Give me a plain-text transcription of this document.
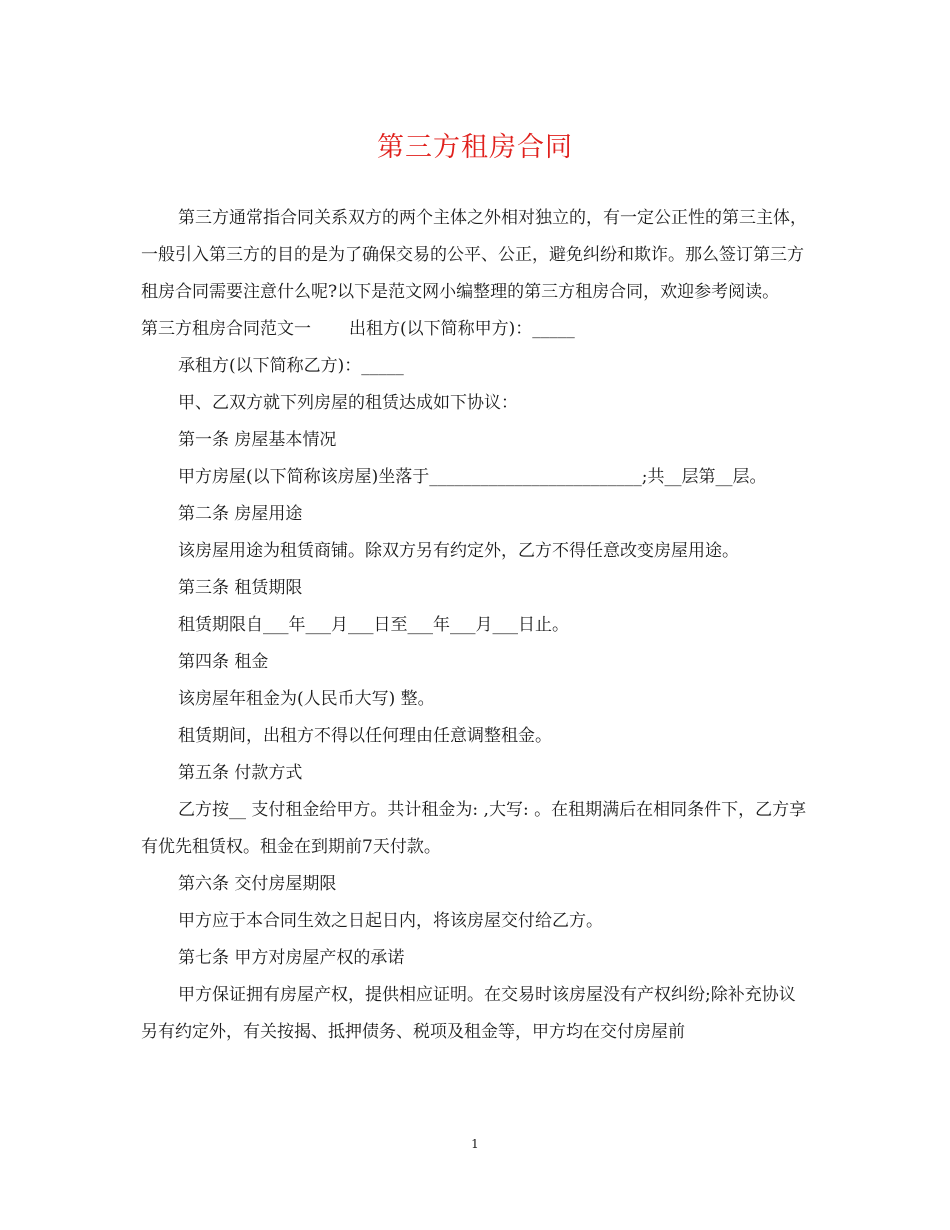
第三方租房合同

第三方通常指合同关系双方的两个主体之外相对独立的，有一定公正性的第三主体，一般引入第三方的目的是为了确保交易的公平、公正，避免纠纷和欺诈。那么签订第三方租房合同需要注意什么呢?以下是范文网小编整理的第三方租房合同，欢迎参考阅读。

第三方租房合同范文一 出租方(以下简称甲方)：_____

承租方(以下简称乙方)：_____

甲、乙双方就下列房屋的租赁达成如下协议：

第一条 房屋基本情况

甲方房屋(以下简称该房屋)坐落于_________________________;共__层第__层。

第二条 房屋用途

该房屋用途为租赁商铺。除双方另有约定外，乙方不得任意改变房屋用途。

第三条 租赁期限

租赁期限自___年___月___日至___年___月___日止。

第四条 租金

该房屋年租金为(人民币大写) 整。

租赁期间，出租方不得以任何理由任意调整租金。

第五条 付款方式

乙方按__ 支付租金给甲方。共计租金为: ,大写: 。在租期满后在相同条件下，乙方享有优先租赁权。租金在到期前7天付款。

第六条 交付房屋期限

甲方应于本合同生效之日起日内，将该房屋交付给乙方。

第七条 甲方对房屋产权的承诺

甲方保证拥有房屋产权，提供相应证明。在交易时该房屋没有产权纠纷;除补充协议另有约定外，有关按揭、抵押债务、税项及租金等，甲方均在交付房屋前

1
